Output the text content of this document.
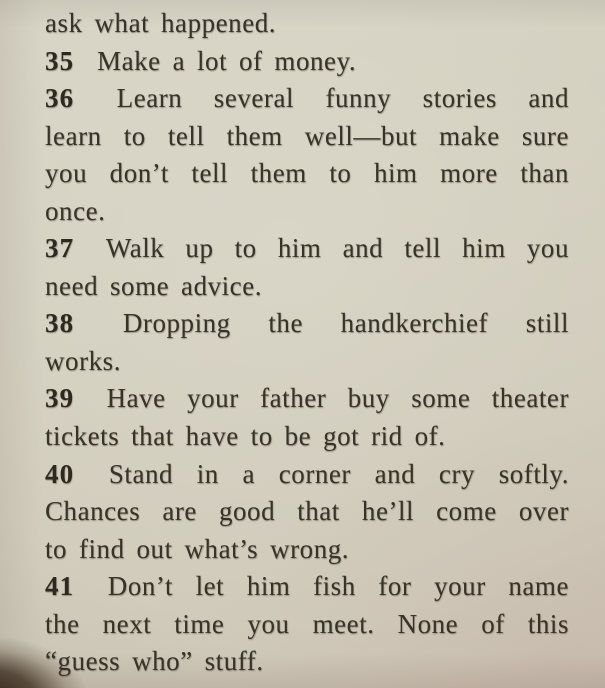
ask what happened.
35 Make a lot of money.
36 Learn several funny stories and
learn to tell them well—but make sure
you don’t tell them to him more than
once.
37 Walk up to him and tell him you
need some advice.
38 Dropping the handkerchief still
works.
39 Have your father buy some theater
tickets that have to be got rid of.
40 Stand in a corner and cry softly.
Chances are good that he’ll come over
to find out what’s wrong.
41 Don’t let him fish for your name
the next time you meet. None of this
“guess who” stuff.
